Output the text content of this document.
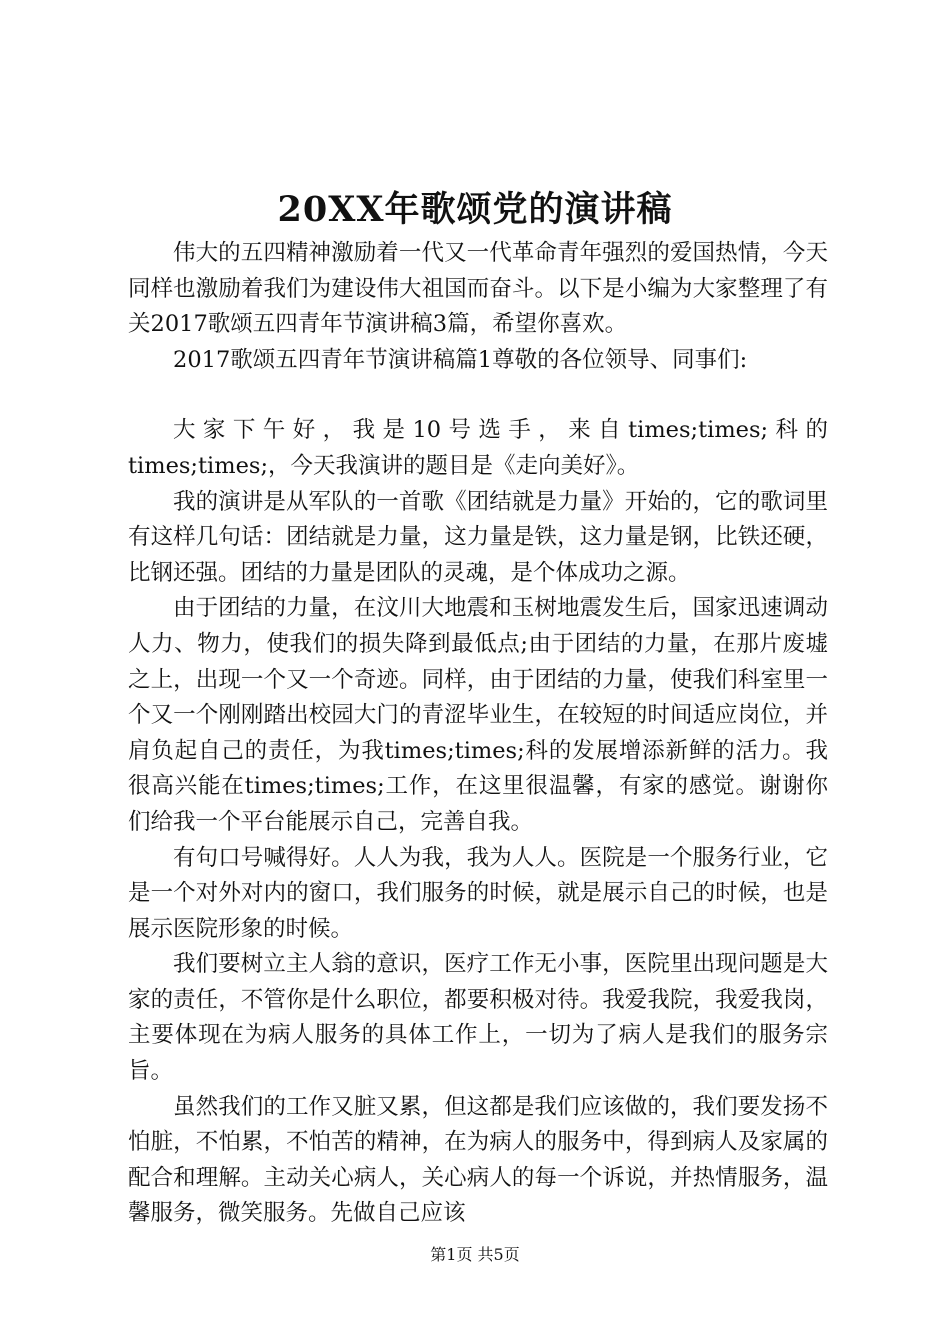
20XX年歌颂党的演讲稿

伟大的五四精神激励着一代又一代革命青年强烈的爱国热情，今天同样也激励着我们为建设伟大祖国而奋斗。以下是小编为大家整理了有关2017歌颂五四青年节演讲稿3篇，希望你喜欢。

2017歌颂五四青年节演讲稿篇1尊敬的各位领导、同事们:

大家下午好，我是10号选手，来自times;times;科的times;times;，今天我演讲的题目是《走向美好》。

我的演讲是从军队的一首歌《团结就是力量》开始的，它的歌词里有这样几句话：团结就是力量，这力量是铁，这力量是钢，比铁还硬，比钢还强。团结的力量是团队的灵魂，是个体成功之源。

由于团结的力量，在汶川大地震和玉树地震发生后，国家迅速调动人力、物力，使我们的损失降到最低点;由于团结的力量，在那片废墟之上，出现一个又一个奇迹。同样，由于团结的力量，使我们科室里一个又一个刚刚踏出校园大门的青涩毕业生，在较短的时间适应岗位，并肩负起自己的责任，为我times;times;科的发展增添新鲜的活力。我很高兴能在times;times;工作，在这里很温馨，有家的感觉。谢谢你们给我一个平台能展示自己，完善自我。

有句口号喊得好。人人为我，我为人人。医院是一个服务行业，它是一个对外对内的窗口，我们服务的时候，就是展示自己的时候，也是展示医院形象的时候。

我们要树立主人翁的意识，医疗工作无小事，医院里出现问题是大家的责任，不管你是什么职位，都要积极对待。我爱我院，我爱我岗，主要体现在为病人服务的具体工作上，一切为了病人是我们的服务宗旨。

虽然我们的工作又脏又累，但这都是我们应该做的，我们要发扬不怕脏，不怕累，不怕苦的精神，在为病人的服务中，得到病人及家属的配合和理解。主动关心病人，关心病人的每一个诉说，并热情服务，温馨服务，微笑服务。先做自己应该

第1页 共5页
